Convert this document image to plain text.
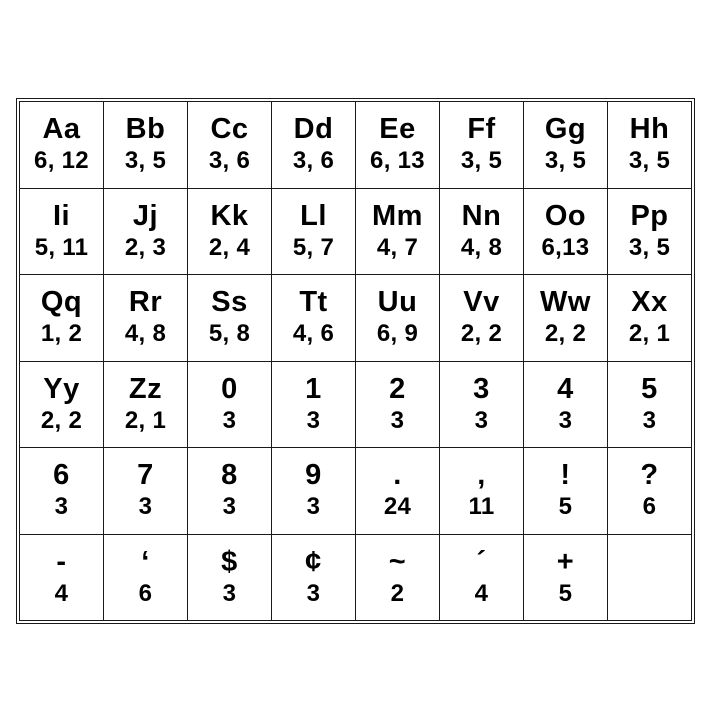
Aa
6, 12
Bb
3, 5
Cc
3, 6
Dd
3, 6
Ee
6, 13
Ff
3, 5
Gg
3, 5
Hh
3, 5
Ii
5, 11
Jj
2, 3
Kk
2, 4
Ll
5, 7
Mm
4, 7
Nn
4, 8
Oo
6,13
Pp
3, 5
Qq
1, 2
Rr
4, 8
Ss
5, 8
Tt
4, 6
Uu
6, 9
Vv
2, 2
Ww
2, 2
Xx
2, 1
Yy
2, 2
Zz
2, 1
0
3
1
3
2
3
3
3
4
3
5
3
6
3
7
3
8
3
9
3
.
24
,
11
!
5
?
6
-
4
‘
6
$
3
¢
3
~
2
´
4
+
5
